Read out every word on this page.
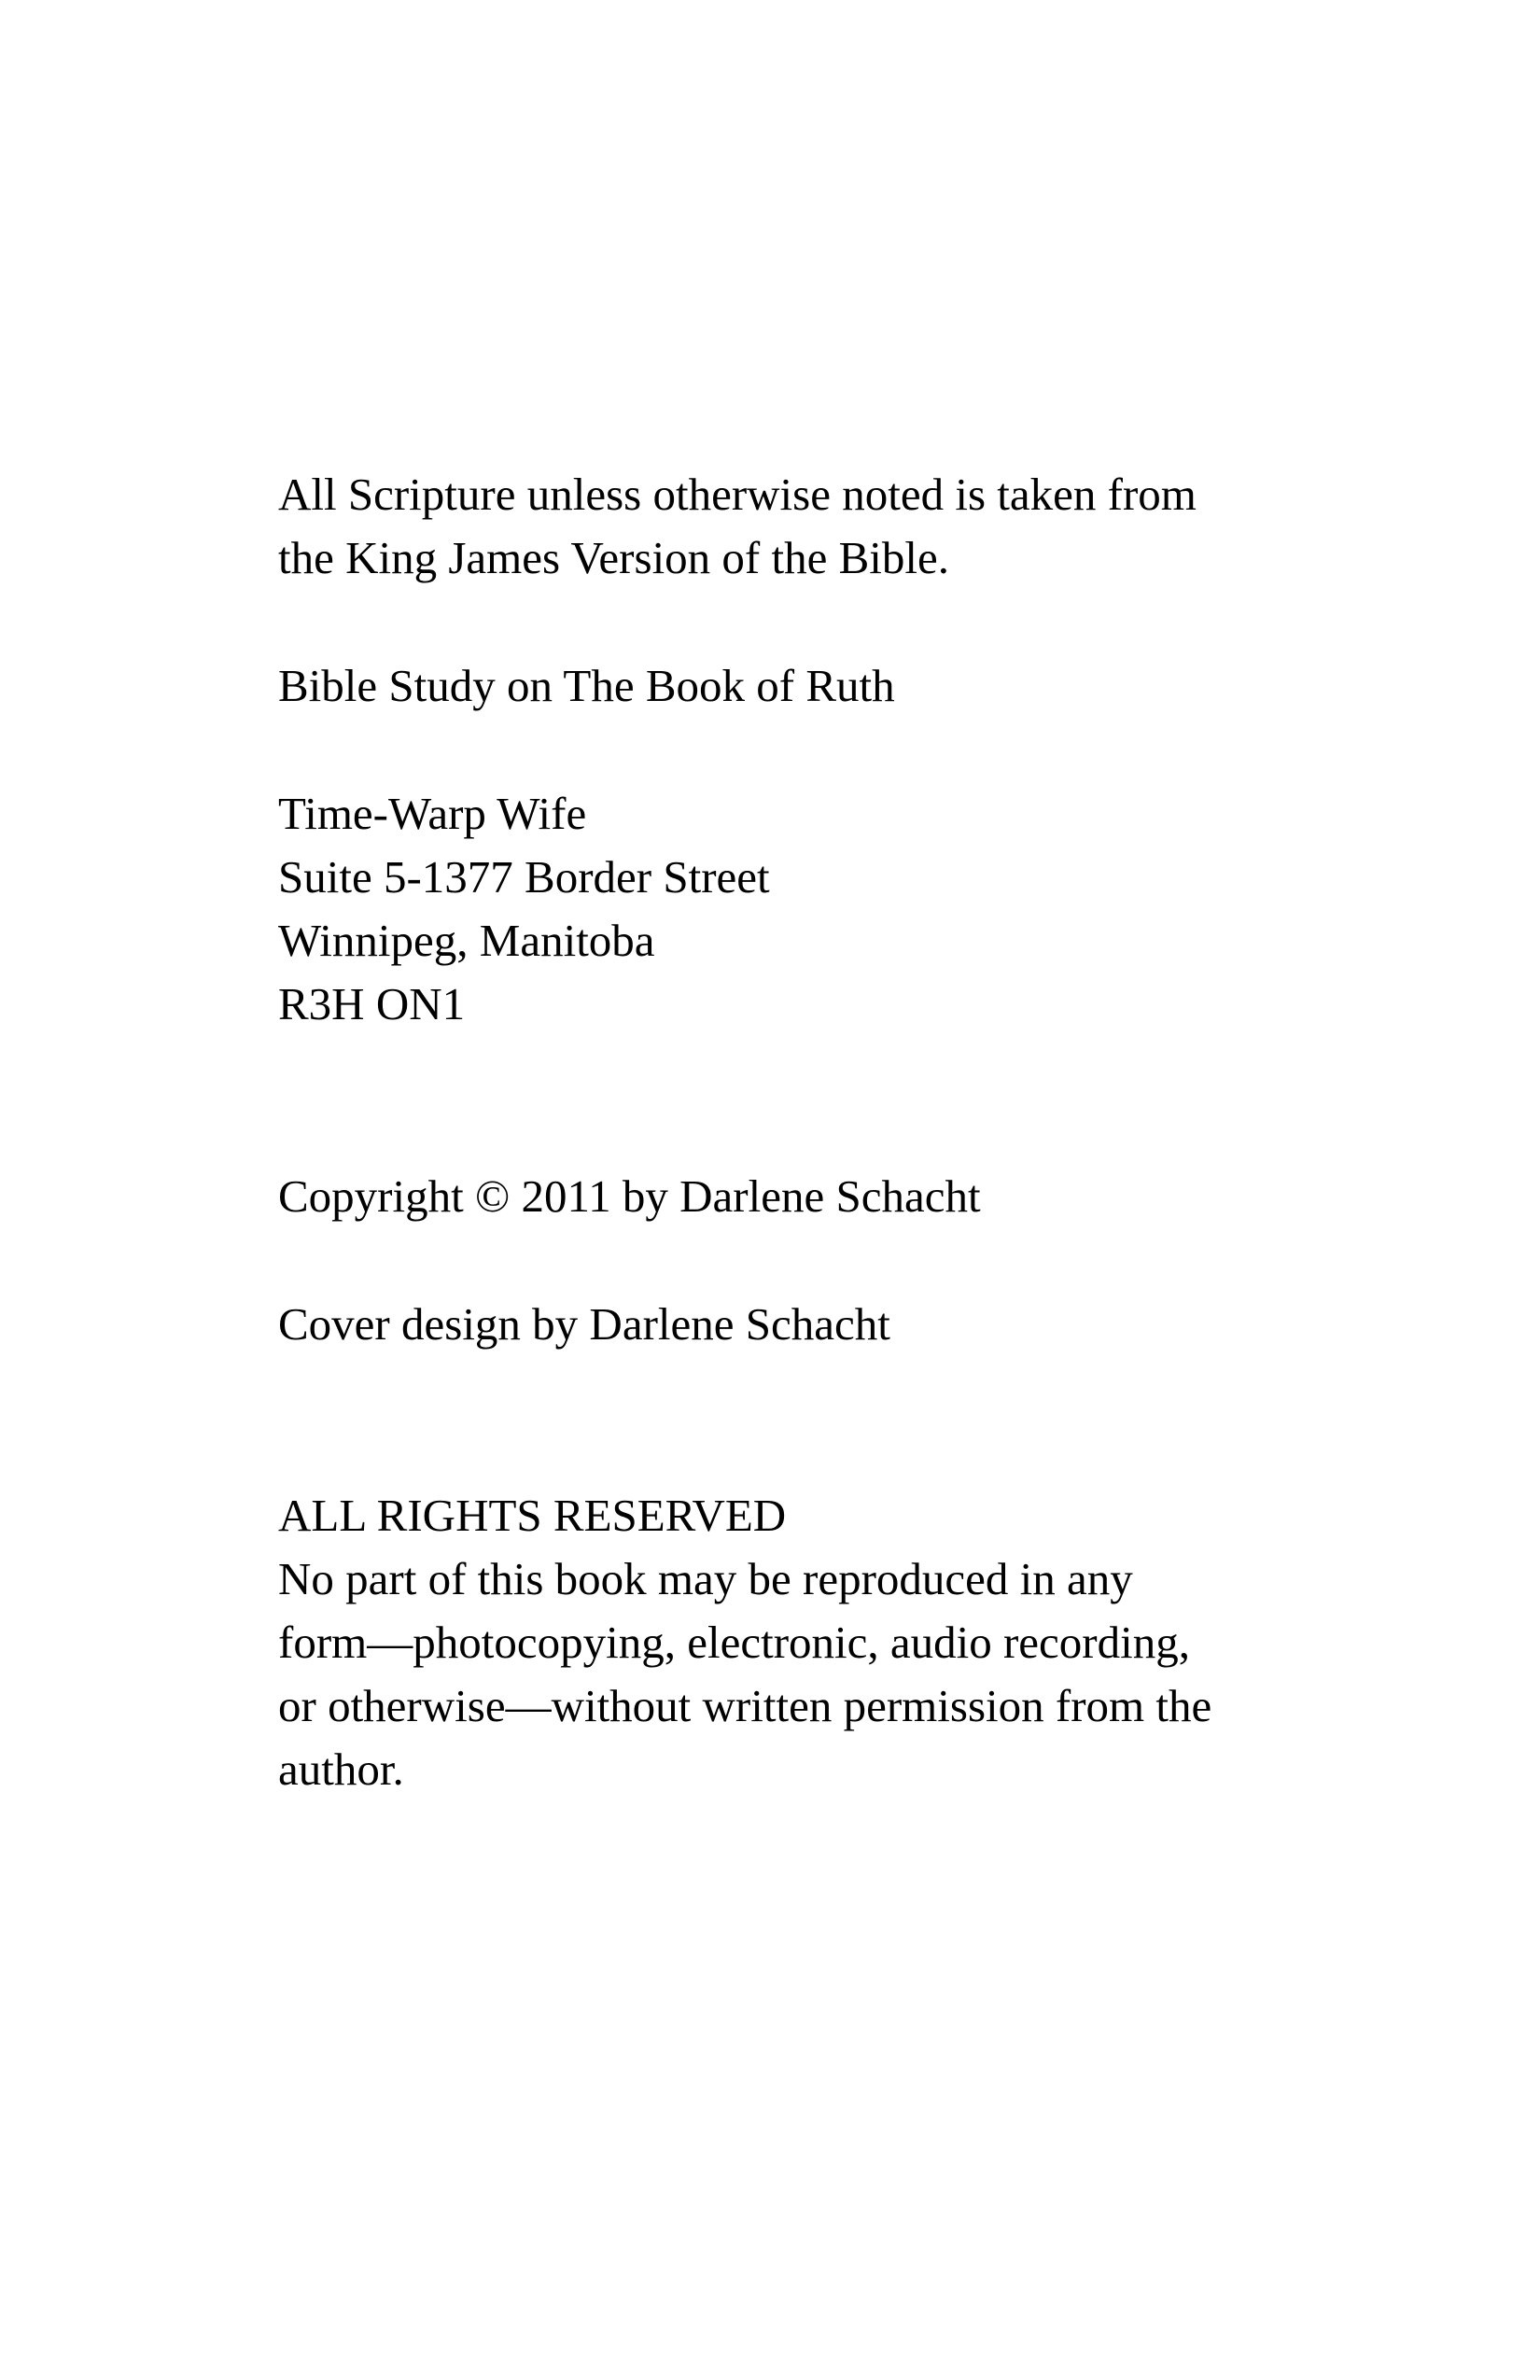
All Scripture unless otherwise noted is taken from
the King James Version of the Bible.

Bible Study on The Book of Ruth

Time-Warp Wife
Suite 5-1377 Border Street
Winnipeg, Manitoba
R3H ON1

Copyright © 2011 by Darlene Schacht

Cover design by Darlene Schacht

ALL RIGHTS RESERVED
No part of this book may be reproduced in any
form—photocopying, electronic, audio recording,
or otherwise—without written permission from the
author.
